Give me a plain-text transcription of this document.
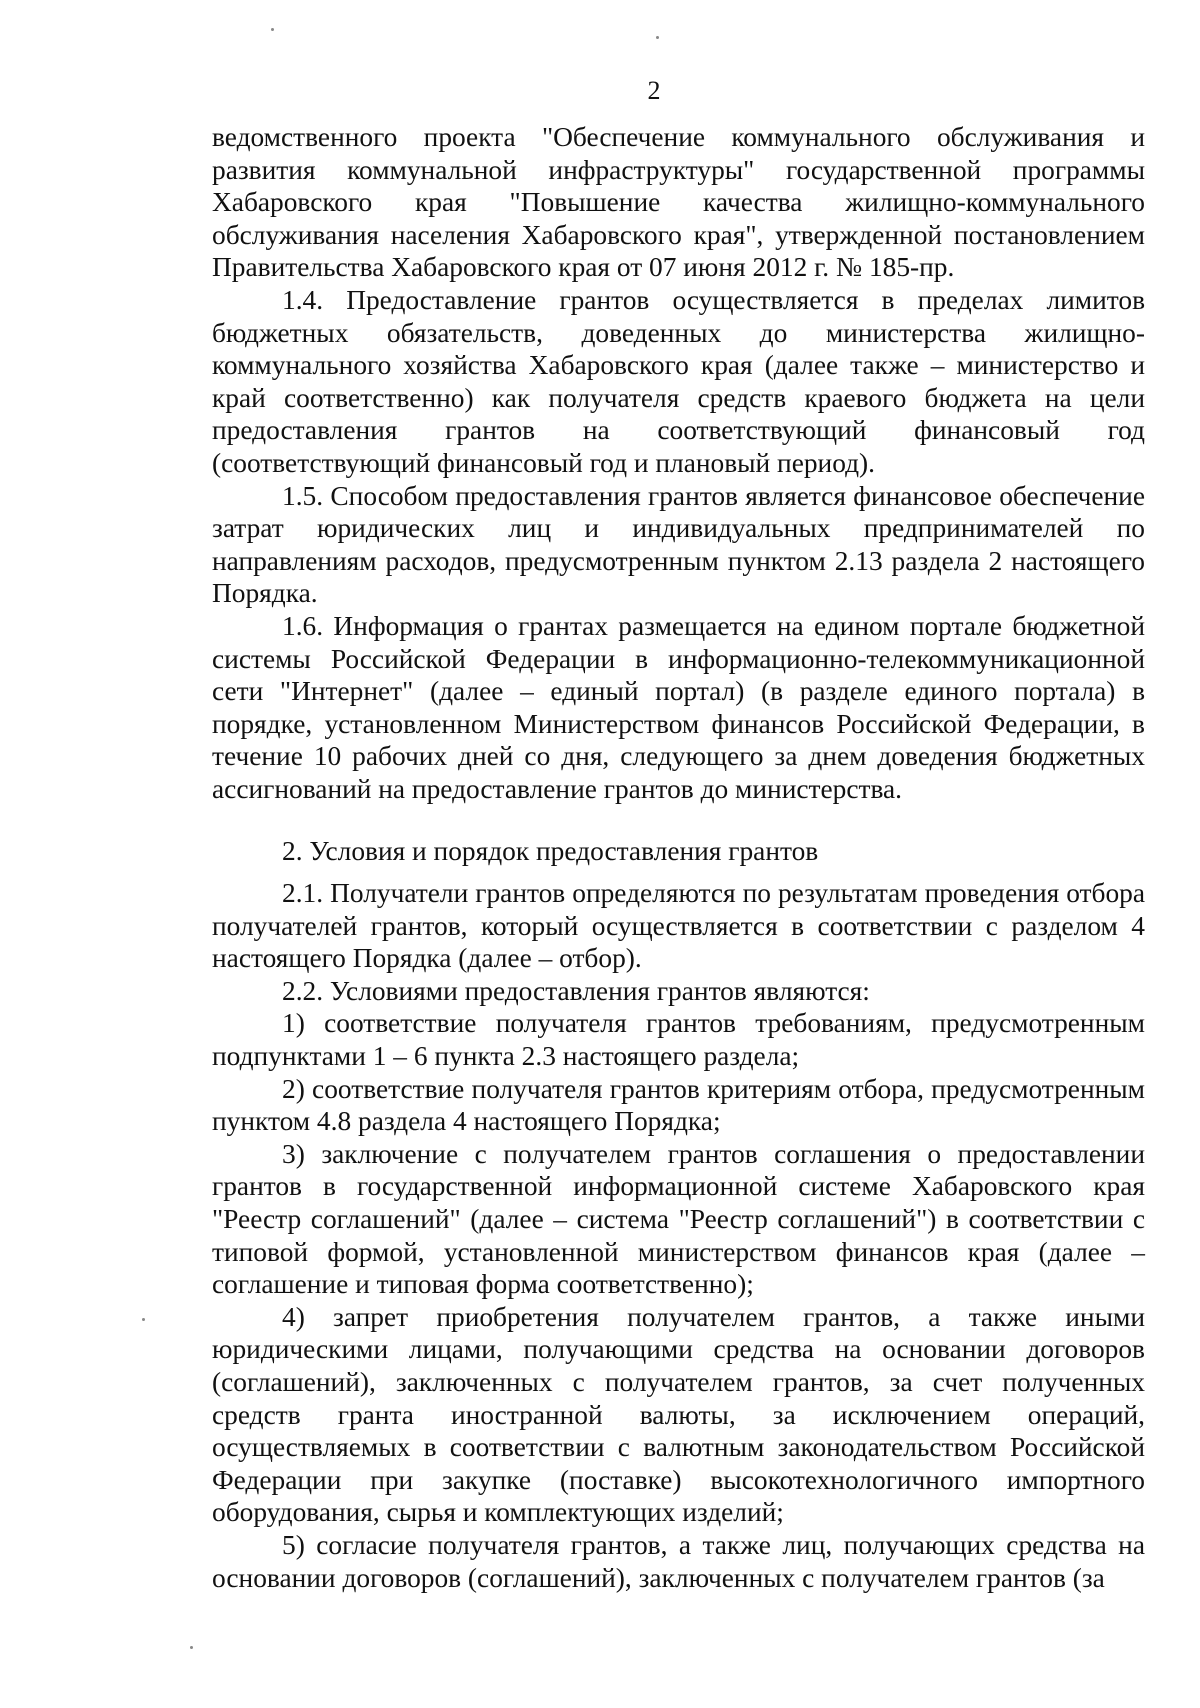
2

ведомственного проекта "Обеспечение коммунального обслуживания и развития коммунальной инфраструктуры" государственной программы Хабаровского края "Повышение качества жилищно-коммунального обслуживания населения Хабаровского края", утвержденной постановлением Правительства Хабаровского края от 07 июня 2012 г. № 185-пр.

1.4. Предоставление грантов осуществляется в пределах лимитов бюджетных обязательств, доведенных до министерства жилищно-коммунального хозяйства Хабаровского края (далее также – министерство и край соответственно) как получателя средств краевого бюджета на цели предоставления грантов на соответствующий финансовый год (соответствующий финансовый год и плановый период).

1.5. Способом предоставления грантов является финансовое обеспечение затрат юридических лиц и индивидуальных предпринимателей по направлениям расходов, предусмотренным пунктом 2.13 раздела 2 настоящего Порядка.

1.6. Информация о грантах размещается на едином портале бюджетной системы Российской Федерации в информационно-телекоммуникационной сети "Интернет" (далее – единый портал) (в разделе единого портала) в порядке, установленном Министерством финансов Российской Федерации, в течение 10 рабочих дней со дня, следующего за днем доведения бюджетных ассигнований на предоставление грантов до министерства.

2. Условия и порядок предоставления грантов

2.1. Получатели грантов определяются по результатам проведения отбора получателей грантов, который осуществляется в соответствии с разделом 4 настоящего Порядка (далее – отбор).

2.2. Условиями предоставления грантов являются:

1) соответствие получателя грантов требованиям, предусмотренным подпунктами 1 – 6 пункта 2.3 настоящего раздела;

2) соответствие получателя грантов критериям отбора, предусмотренным пунктом 4.8 раздела 4 настоящего Порядка;

3) заключение с получателем грантов соглашения о предоставлении грантов в государственной информационной системе Хабаровского края "Реестр соглашений" (далее – система "Реестр соглашений") в соответствии с типовой формой, установленной министерством финансов края (далее – соглашение и типовая форма соответственно);

4) запрет приобретения получателем грантов, а также иными юридическими лицами, получающими средства на основании договоров (соглашений), заключенных с получателем грантов, за счет полученных средств гранта иностранной валюты, за исключением операций, осуществляемых в соответствии с валютным законодательством Российской Федерации при закупке (поставке) высокотехнологичного импортного оборудования, сырья и комплектующих изделий;

5) согласие получателя грантов, а также лиц, получающих средства на основании договоров (соглашений), заключенных с получателем грантов (за
